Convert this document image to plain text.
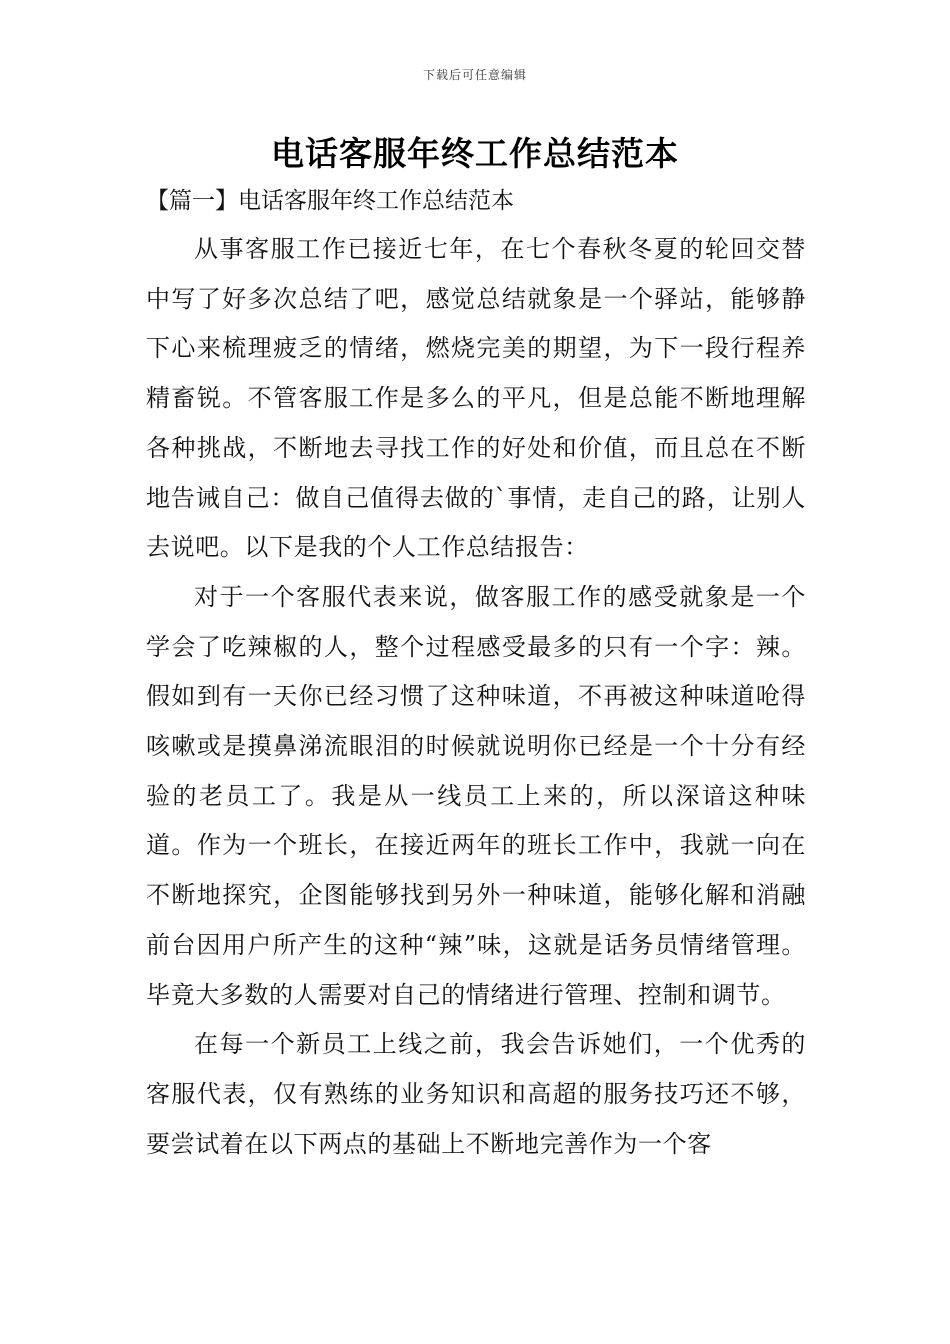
下载后可任意编辑
电话客服年终工作总结范本
【篇一】电话客服年终工作总结范本

从事客服工作已接近七年，在七个春秋冬夏的轮回交替中写了好多次总结了吧，感觉总结就象是一个驿站，能够静下心来梳理疲乏的情绪，燃烧完美的期望，为下一段行程养精畜锐。不管客服工作是多么的平凡，但是总能不断地理解各种挑战，不断地去寻找工作的好处和价值，而且总在不断地告诫自己：做自己值得去做的`事情，走自己的路，让别人去说吧。以下是我的个人工作总结报告：

对于一个客服代表来说，做客服工作的感受就象是一个学会了吃辣椒的人，整个过程感受最多的只有一个字：辣。假如到有一天你已经习惯了这种味道，不再被这种味道呛得咳嗽或是摸鼻涕流眼泪的时候就说明你已经是一个十分有经验的老员工了。我是从一线员工上来的，所以深谙这种味道。作为一个班长，在接近两年的班长工作中，我就一向在不断地探究，企图能够找到另外一种味道，能够化解和消融前台因用户所产生的这种“辣”味，这就是话务员情绪管理。毕竟大多数的人需要对自己的情绪进行管理、控制和调节。

在每一个新员工上线之前，我会告诉她们，一个优秀的客服代表，仅有熟练的业务知识和高超的服务技巧还不够，要尝试着在以下两点的基础上不断地完善作为一个客
